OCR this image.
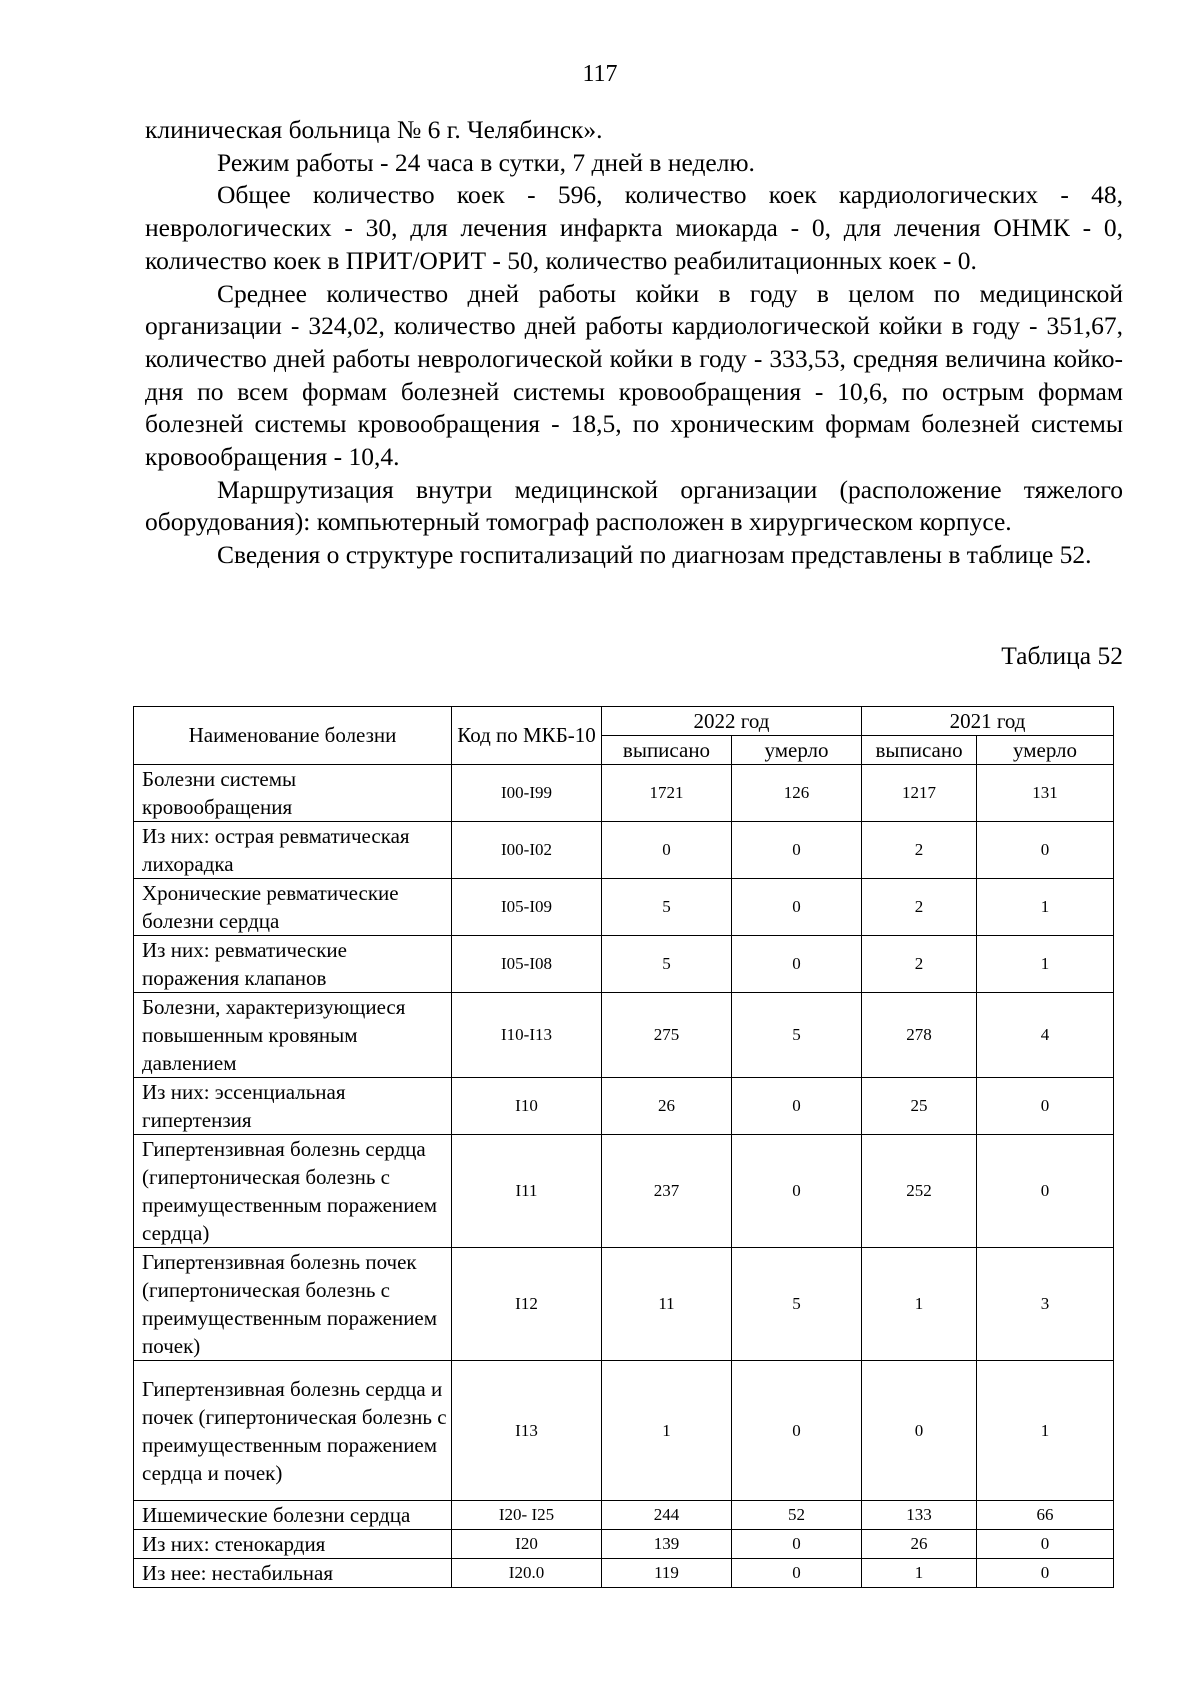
117

клиническая больница № 6 г. Челябинск».

Режим работы - 24 часа в сутки, 7 дней в неделю.

Общее количество коек - 596, количество коек кардиологических - 48, неврологических - 30, для лечения инфаркта миокарда - 0, для лечения ОНМК - 0, количество коек в ПРИТ/ОРИТ - 50, количество реабилитационных коек - 0.

Среднее количество дней работы койки в году в целом по медицинской организации - 324,02, количество дней работы кардиологической койки в году - 351,67, количество дней работы неврологической койки в году - 333,53, средняя величина койко-дня по всем формам болезней системы кровообращения - 10,6, по острым формам болезней системы кровообращения - 18,5, по хроническим формам болезней системы кровообращения - 10,4.

Маршрутизация внутри медицинской организации (расположение тяжелого оборудования): компьютерный томограф расположен в хирургическом корпусе.

Сведения о структуре госпитализаций по диагнозам представлены в таблице 52.

Таблица 52
Наименование болезни	Код по МКБ-10	2022 год		2021 год	
		выписано	умерло	выписано	умерло
Болезни системы кровообращения	I00-I99	1721	126	1217	131
Из них: острая ревматическая лихорадка	I00-I02	0	0	2	0
Хронические ревматические болезни сердца	I05-I09	5	0	2	1
Из них: ревматические поражения клапанов	I05-I08	5	0	2	1
Болезни, характеризующиеся повышенным кровяным давлением	I10-I13	275	5	278	4
Из них: эссенциальная гипертензия	I10	26	0	25	0
Гипертензивная болезнь сердца (гипертоническая болезнь с преимущественным поражением сердца)	I11	237	0	252	0
Гипертензивная болезнь почек (гипертоническая болезнь с преимущественным поражением почек)	I12	11	5	1	3
Гипертензивная болезнь сердца и почек (гипертоническая болезнь с преимущественным поражением сердца и почек)	I13	1	0	0	1
Ишемические болезни сердца	I20- I25	244	52	133	66
Из них: стенокардия	I20	139	0	26	0
Из нее: нестабильная	I20.0	119	0	1	0
